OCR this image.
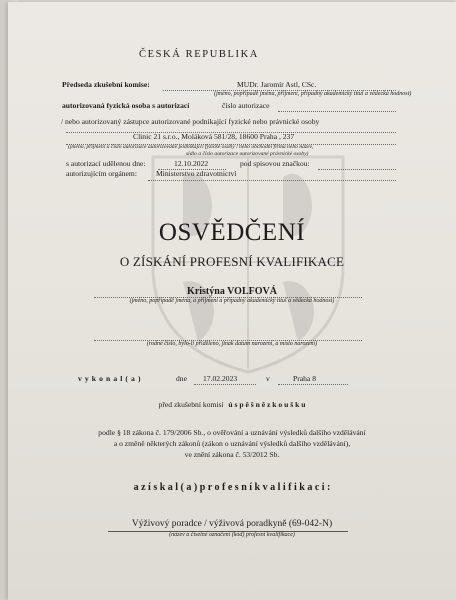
ČESKÁ REPUBLIKA
Předseda zkušební komise:	MUDr. Jaromír Astl, CSc.
(jméno, popřípadě jména, příjmení, případný akademický titul a vědecká hodnost)
autorizovaná fyzická osoba s autorizací	číslo autorizace
/ nebo autorizovaný zástupce autorizované podnikající fyzické nebo právnické osoby
Clinic 21 s.r.o., Moláková 581/28, 18600 Praha , 237
(jméno, příjmení a číslo autorizace autorizované podnikající fyzické osoby / nebo obchodní firma nebo název,
sídlo a číslo autorizace autorizované právnické osoby)
s autorizací udělenou dne:	12.10.2022	pod spisovou značkou:
autorizujícím orgánem:	Ministerstvo zdravotnictví
OSVĚDČENÍ
O ZÍSKÁNÍ PROFESNÍ KVALIFIKACE
Kristýna VOLFOVÁ
(jméno, popřípadě jména, a příjmení a případný akademický titul a vědecká hodnost)
(rodné číslo, bylo-li přiděleno, jinak datum narození, a místo narození)
v y k o n a l ( a )	dne 17.02.2023	v	Praha 8
před zkušební komisí ú s p ě š n ě z k o u š k u
podle § 18 zákona č. 179/2006 Sb., o ověřování a uznávání výsledků dalšího vzdělávání
a o změně některých zákonů (zákon o uznávání výsledků dalšího vzdělávání),
ve znění zákona č. 53/2012 Sb.
a z í s k a l ( a ) p r o f e s n í k v a l i f i k a c i :
Výživový poradce / výživová poradkyně (69-042-N)
(název a číselné označení (kód) profesní kvalifikace)
